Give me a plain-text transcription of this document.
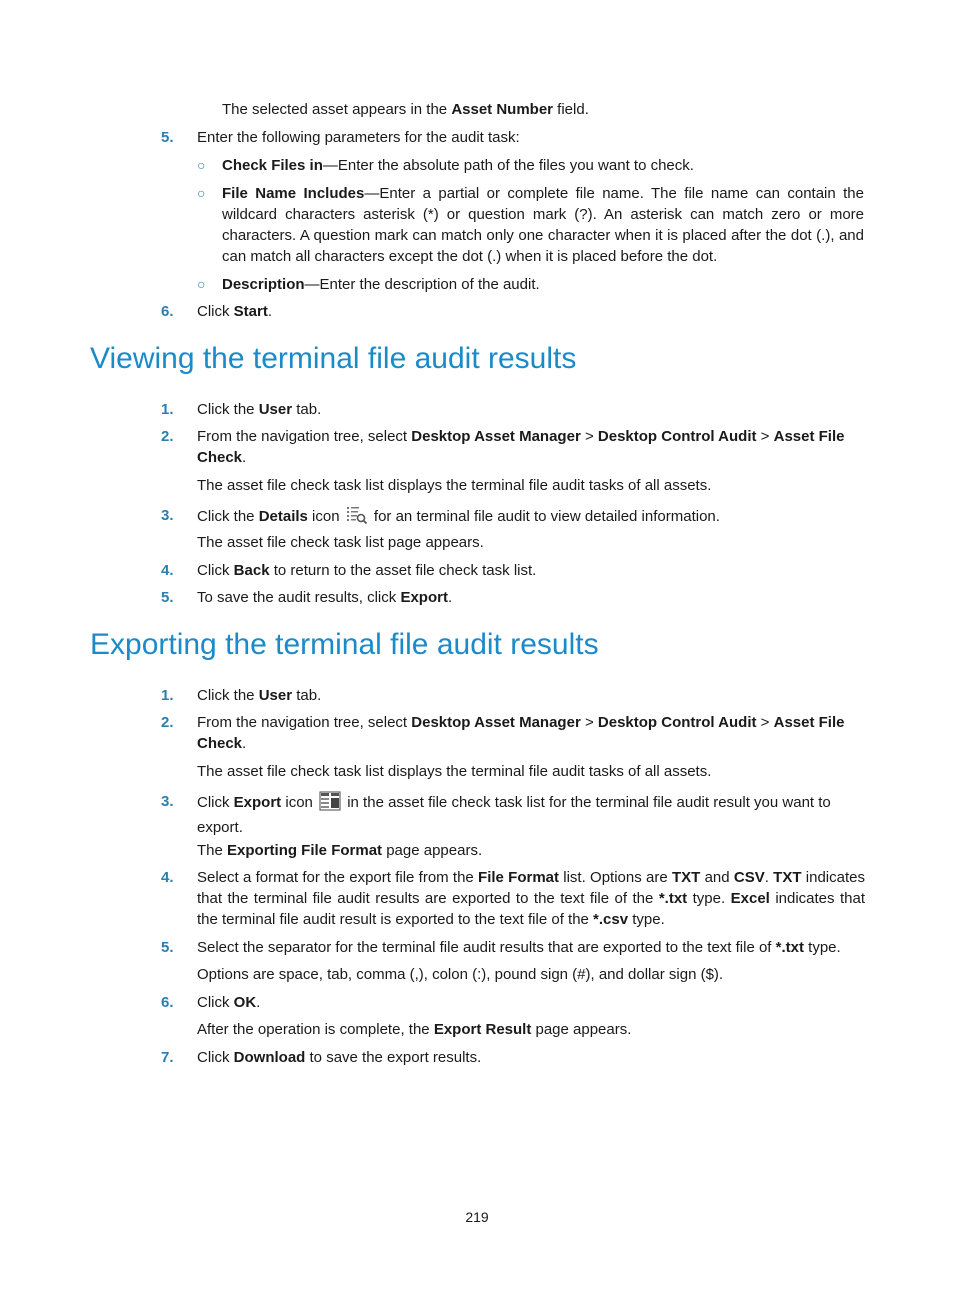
The selected asset appears in the Asset Number field.

5.	Enter the following parameters for the audit task:

○ Check Files in—Enter the absolute path of the files you want to check.

○ File Name Includes—Enter a partial or complete file name. The file name can contain the wildcard characters asterisk (*) or question mark (?). An asterisk can match zero or more characters. A question mark can match only one character when it is placed after the dot (.), and can match all characters except the dot (.) when it is placed before the dot.

○ Description—Enter the description of the audit.

6.	Click Start.

Viewing the terminal file audit results
1.	Click the User tab.

2.	From the navigation tree, select Desktop Asset Manager > Desktop Control Audit > Asset File Check.

The asset file check task list displays the terminal file audit tasks of all assets.

3.	Click the Details icon  for an terminal file audit to view detailed information.

The asset file check task list page appears.

4.	Click Back to return to the asset file check task list.

5.	To save the audit results, click Export.

Exporting the terminal file audit results
1.	Click the User tab.

2.	From the navigation tree, select Desktop Asset Manager > Desktop Control Audit > Asset File Check.

The asset file check task list displays the terminal file audit tasks of all assets.

3.	Click Export icon  in the asset file check task list for the terminal file audit result you want to export.

The Exporting File Format page appears.

4.	Select a format for the export file from the File Format list. Options are TXT and CSV. TXT indicates that the terminal file audit results are exported to the text file of the *.txt type. Excel indicates that the terminal file audit result is exported to the text file of the *.csv type.

5.	Select the separator for the terminal file audit results that are exported to the text file of *.txt type.

Options are space, tab, comma (,), colon (:), pound sign (#), and dollar sign ($).

6.	Click OK.

After the operation is complete, the Export Result page appears.

7.	Click Download to save the export results.

219
